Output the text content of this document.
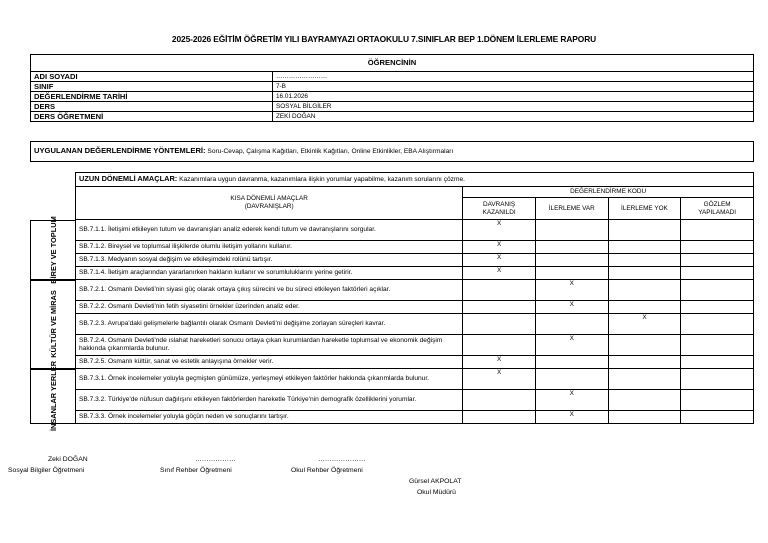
2025-2026 EĞİTİM ÖĞRETİM YILI BAYRAMYAZI ORTAOKULU 7.SINIFLAR BEP 1.DÖNEM İLERLEME RAPORU
ÖĞRENCİNİN	
ADI SOYADI	……………………
SINIF	7-B
DEĞERLENDİRME TARİHİ	16.01.2026
DERS	SOSYAL BİLGİLER
DERS ÖĞRETMENİ	ZEKİ DOĞAN
UYGULANAN DEĞERLENDİRME YÖNTEMLERİ: Soru-Cevap, Çalışma Kağıtları, Etkinlik Kağıtları, Online Etkinlikler, EBA Alıştırmaları
UZUN DÖNEMLİ AMAÇLAR: Kazanımlara uygun davranma, kazanımlara ilişkin yorumlar yapabilme, kazanım sorularını çözme.				

KISA DÖNEMLİ AMAÇLAR
(DAVRANIŞLAR)	DEĞERLENDİRME KODU			
	DAVRANIŞ KAZANILDI	İLERLEME VAR	İLERLEME YOK	GÖZLEM YAPILAMADI
SB.7.1.1. İletişimi etkileyen tutum ve davranışları analiz ederek kendi tutum ve davranışlarını sorgular.	X			
SB.7.1.2. Bireysel ve toplumsal ilişkilerde olumlu iletişim yollarını kullanır.	X			
SB.7.1.3. Medyanın sosyal değişim ve etkileşimdeki rolünü tartışır.	X			
SB.7.1.4. İletişim araçlarından yararlanırken hakların kullanır ve sorumluluklarını yerine getirir.	X			
SB.7.2.1. Osmanlı Devleti'nin siyasi güç olarak ortaya çıkış sürecini ve bu süreci etkileyen faktörleri açıklar.		X		
SB.7.2.2. Osmanlı Devleti'nin fetih siyasetini örnekler üzerinden analiz eder.		X		
SB.7.2.3. Avrupa'daki gelişmelerle bağlantılı olarak Osmanlı Devleti'ni değişime zorlayan süreçleri kavrar.			X	
SB.7.2.4. Osmanlı Devleti'nde ıslahat hareketleri sonucu ortaya çıkan kurumlardan hareketle toplumsal ve ekonomik değişim hakkında çıkarımlarda bulunur.		X		
SB.7.2.5. Osmanlı kültür, sanat ve estetik anlayışına örnekler verir.	X			
SB.7.3.1. Örnek incelemeler yoluyla geçmişten günümüze, yerleşmeyi etkileyen faktörler hakkında çıkarımlarda bulunur.	X			
SB.7.3.2. Türkiye'de nüfusun dağılışını etkileyen faktörlerden hareketle Türkiye'nin demografik özelliklerini yorumlar.		X		
SB.7.3.3. Örnek incelemeler yoluyla göçün neden ve sonuçlarını tartışır.		X		
BİREY VE TOPLUM
KÜLTÜR VE MİRAS
İNSANLAR YERLER
Zeki DOĞAN
Sosyal Bilgiler Öğretmeni
………………
Sınıf Rehber Öğretmeni
…………………
Okul Rehber Öğretmeni
Gürsel AKPOLAT
Okul Müdürü
